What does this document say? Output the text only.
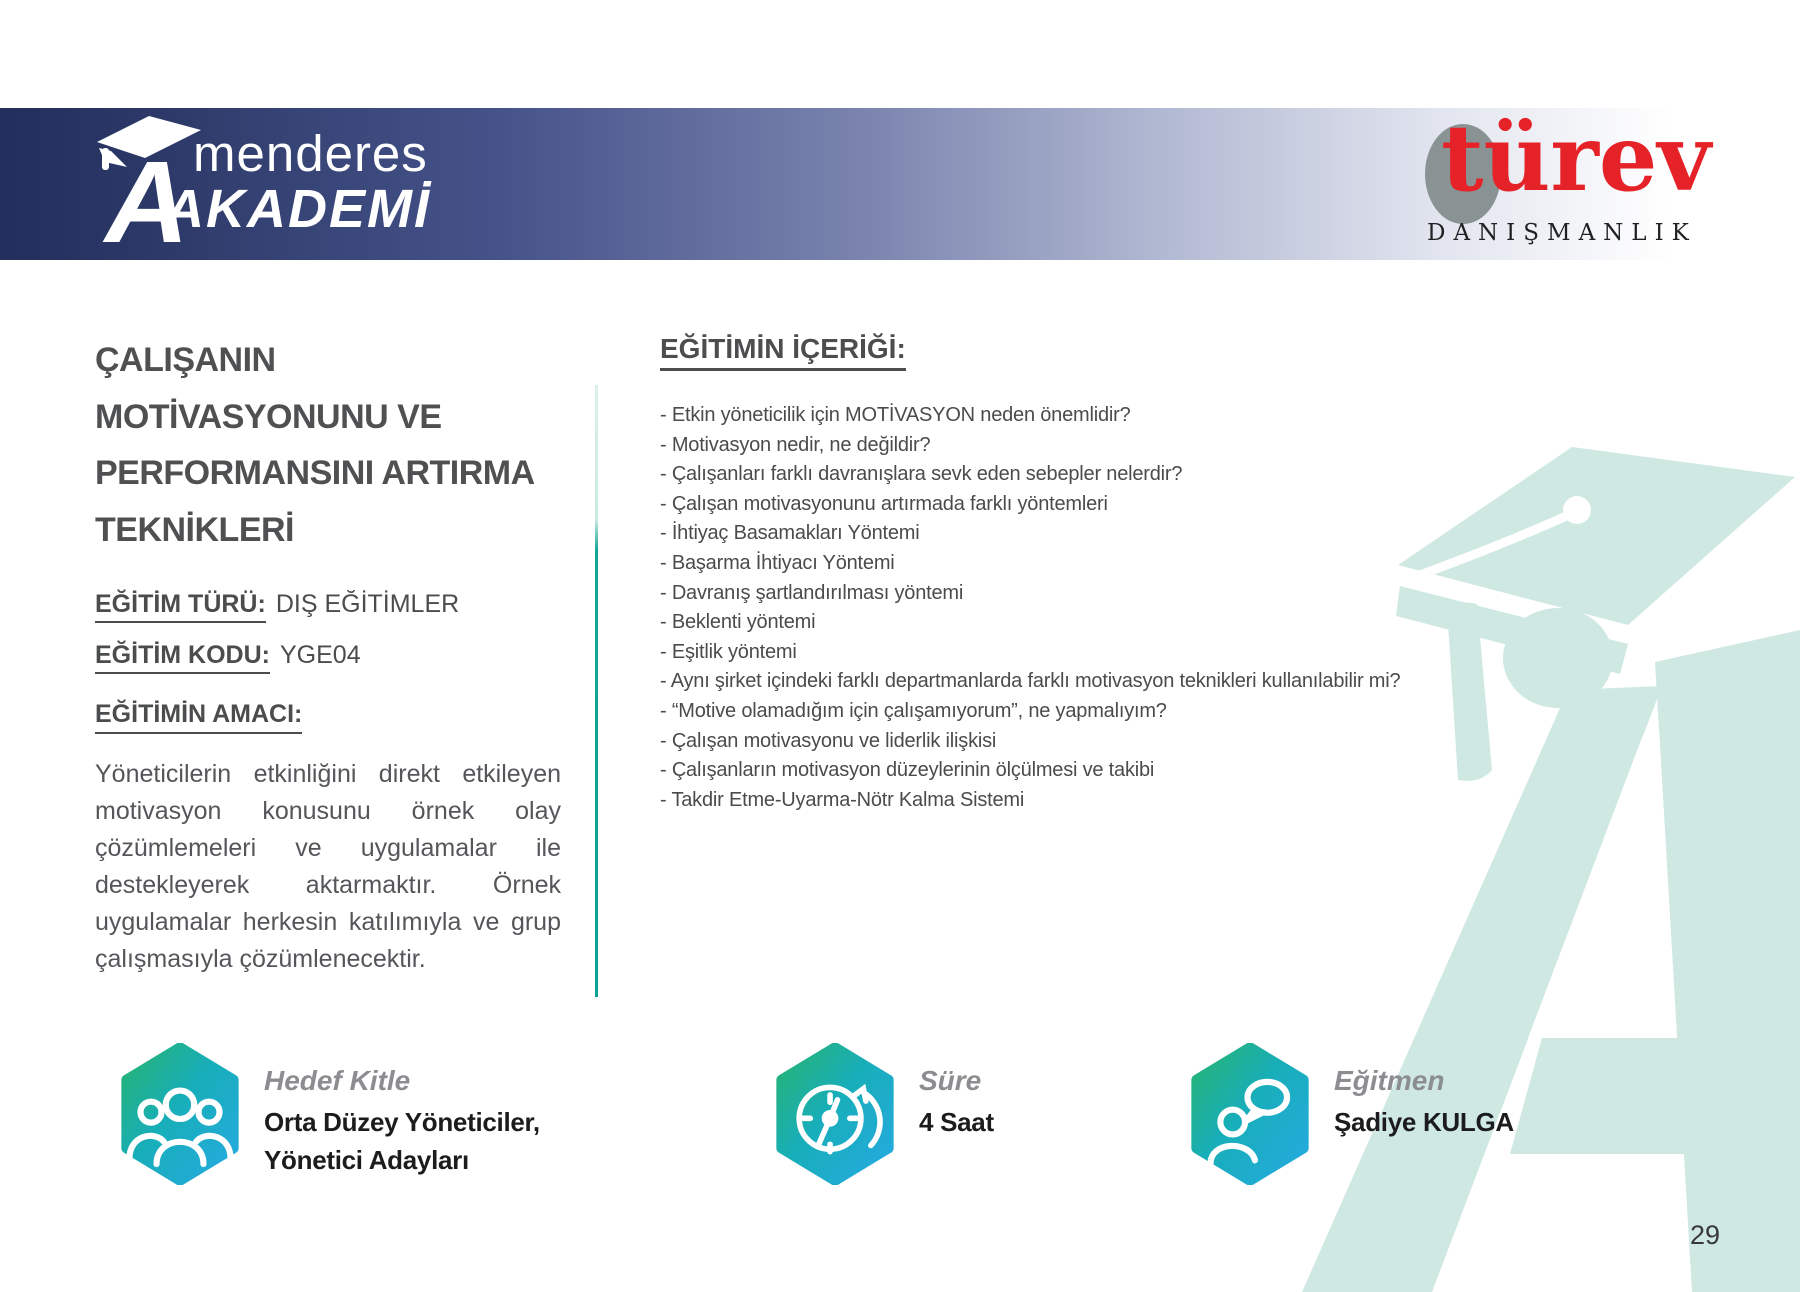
A menderes
AKADEMİ	türev
DANIŞMANLIK
ÇALIŞANIN
MOTİVASYONUNU VE
PERFORMANSINI ARTIRMA
TEKNİKLERİ
EĞİTİM TÜRÜ: DIŞ EĞİTİMLER
EĞİTİM KODU: YGE04
EĞİTİMİN AMACI:

Yöneticilerin etkinliğini direkt etkileyen motivasyon konusunu örnek olay çözümlemeleri ve uygulamalar ile destekleyerek aktarmaktır. Örnek uygulamalar herkesin katılımıyla ve grup çalışmasıyla çözümlenecektir.

EĞİTİMİN İÇERİĞİ:
- Etkin yöneticilik için MOTİVASYON neden önemlidir?
- Motivasyon nedir, ne değildir?
- Çalışanları farklı davranışlara sevk eden sebepler nelerdir?
- Çalışan motivasyonunu artırmada farklı yöntemleri
- İhtiyaç Basamakları Yöntemi
- Başarma İhtiyacı Yöntemi
- Davranış şartlandırılması yöntemi
- Beklenti yöntemi
- Eşitlik yöntemi
- Aynı şirket içindeki farklı departmanlarda farklı motivasyon teknikleri kullanılabilir mi?
- “Motive olamadığım için çalışamıyorum”, ne yapmalıyım?
- Çalışan motivasyonu ve liderlik ilişkisi
- Çalışanların motivasyon düzeylerinin ölçülmesi ve takibi
- Takdir Etme-Uyarma-Nötr Kalma Sistemi
Hedef Kitle
Orta Düzey Yöneticiler,
Yönetici Adayları
Süre
4 Saat
Eğitmen
Şadiye KULGA
29
